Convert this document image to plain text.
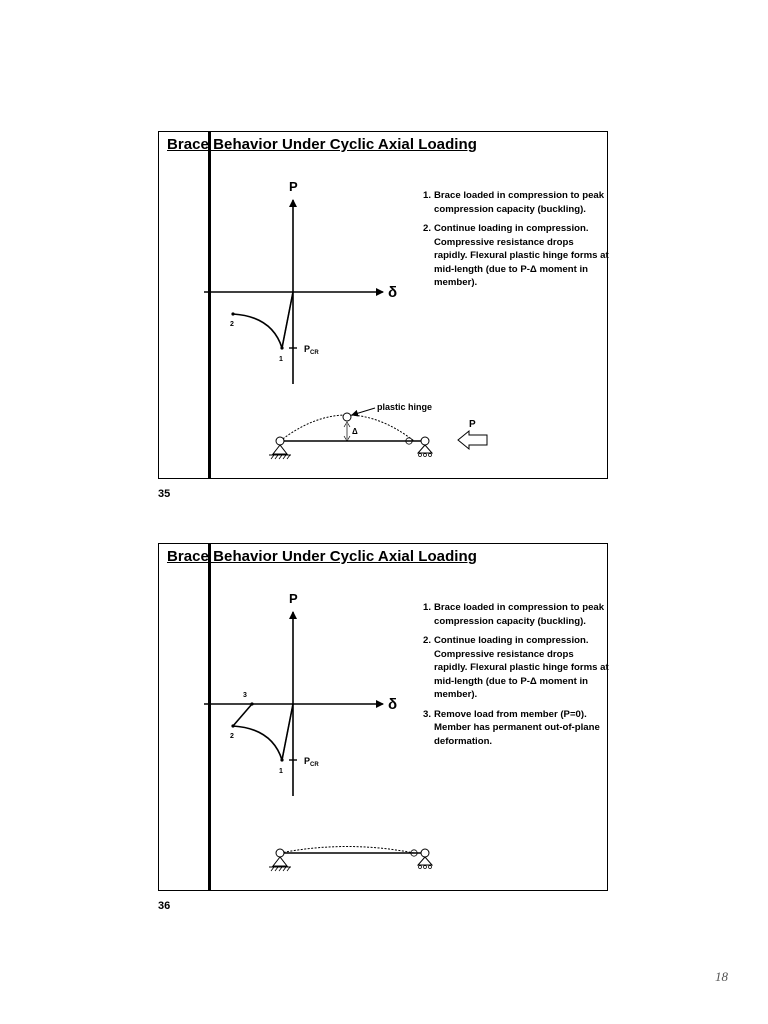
Brace Behavior Under Cyclic Axial Loading
P
δ
1
2
$P_{CR}$
plastic hinge
Δ
P
1. Brace loaded in compression to peak compression capacity (buckling).
2. Continue loading in compression. Compressive resistance drops rapidly. Flexural plastic hinge forms at mid-length (due to P-Δ moment in member).
35
Brace Behavior Under Cyclic Axial Loading
P
δ
1
2
3
$P_{CR}$
1. Brace loaded in compression to peak compression capacity (buckling).
2. Continue loading in compression. Compressive resistance drops rapidly. Flexural plastic hinge forms at mid-length (due to P-Δ moment in member).
3. Remove load from member (P=0). Member has permanent out-of-plane deformation.
36
18
